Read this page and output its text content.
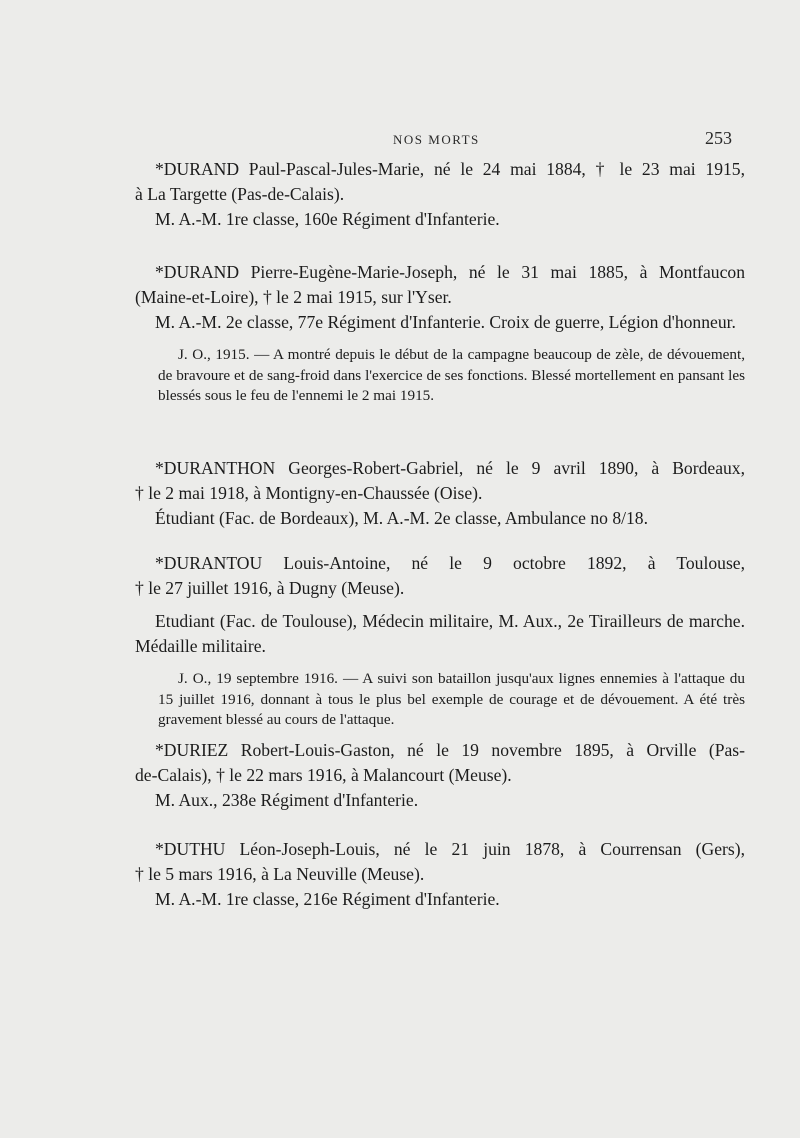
NOS MORTS	253

*DURAND Paul-Pascal-Jules-Marie, né le 24 mai 1884, † le 23 mai 1915,

à La Targette (Pas-de-Calais).

M. A.-M. 1re classe, 160e Régiment d'Infanterie.

*DURAND Pierre-Eugène-Marie-Joseph, né le 31 mai 1885, à Montfaucon

(Maine-et-Loire), † le 2 mai 1915, sur l'Yser.

M. A.-M. 2e classe, 77e Régiment d'Infanterie. Croix de guerre, Légion d'honneur.

J. O., 1915. — A montré depuis le début de la campagne beaucoup de zèle, de dévouement, de bravoure et de sang-froid dans l'exercice de ses fonctions. Blessé mortellement en pansant les blessés sous le feu de l'ennemi le 2 mai 1915.

*DURANTHON Georges-Robert-Gabriel, né le 9 avril 1890, à Bordeaux,

† le 2 mai 1918, à Montigny-en-Chaussée (Oise).

Étudiant (Fac. de Bordeaux), M. A.-M. 2e classe, Ambulance no 8/18.

*DURANTOU Louis-Antoine, né le 9 octobre 1892, à Toulouse,

† le 27 juillet 1916, à Dugny (Meuse).

Etudiant (Fac. de Toulouse), Médecin militaire, M. Aux., 2e Tirailleurs de marche. Médaille militaire.

J. O., 19 septembre 1916. — A suivi son bataillon jusqu'aux lignes ennemies à l'attaque du 15 juillet 1916, donnant à tous le plus bel exemple de courage et de dévouement. A été très gravement blessé au cours de l'attaque.

*DURIEZ Robert-Louis-Gaston, né le 19 novembre 1895, à Orville (Pas-

de-Calais), † le 22 mars 1916, à Malancourt (Meuse).

M. Aux., 238e Régiment d'Infanterie.

*DUTHU Léon-Joseph-Louis, né le 21 juin 1878, à Courrensan (Gers),

† le 5 mars 1916, à La Neuville (Meuse).

M. A.-M. 1re classe, 216e Régiment d'Infanterie.
